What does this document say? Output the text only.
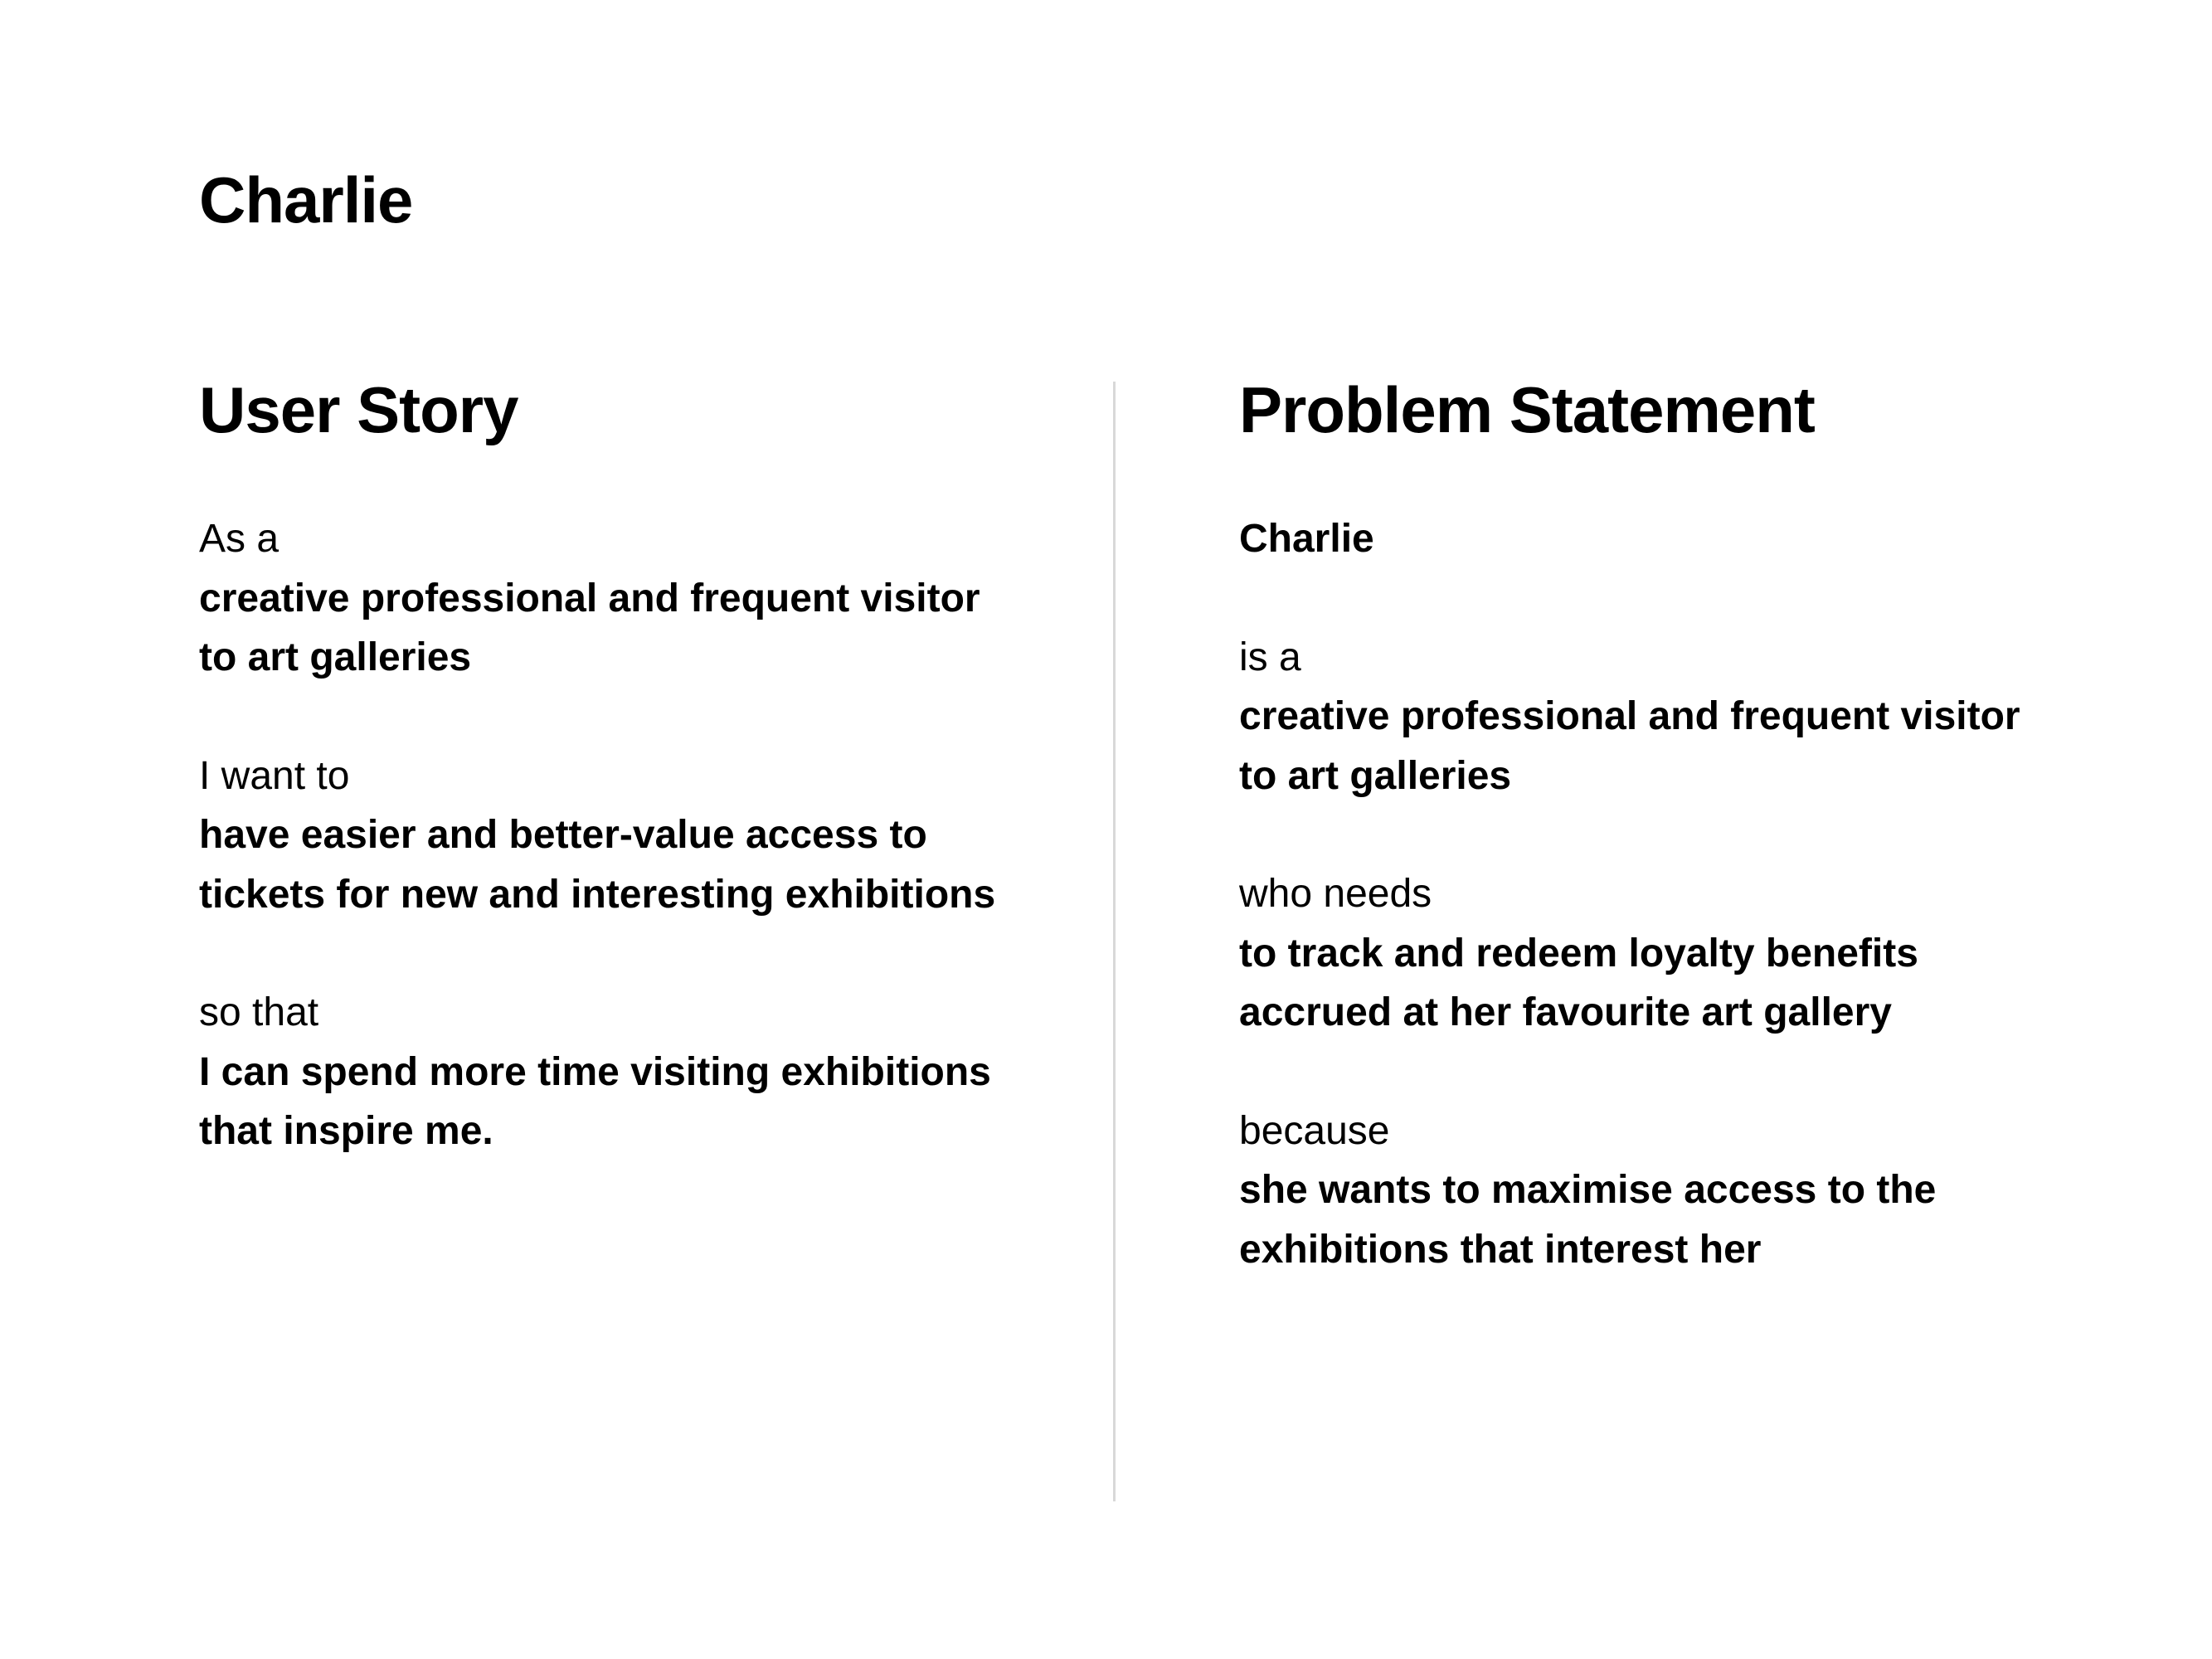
Charlie
User Story
As a
creative professional and frequent visitor
to art galleries
I want to
have easier and better-value access to
tickets for new and interesting exhibitions
so that
I can spend more time visiting exhibitions
that inspire me.
Problem Statement
Charlie
is a
creative professional and frequent visitor
to art galleries
who needs
to track and redeem loyalty benefits
accrued at her favourite art gallery
because
she wants to maximise access to the
exhibitions that interest her
